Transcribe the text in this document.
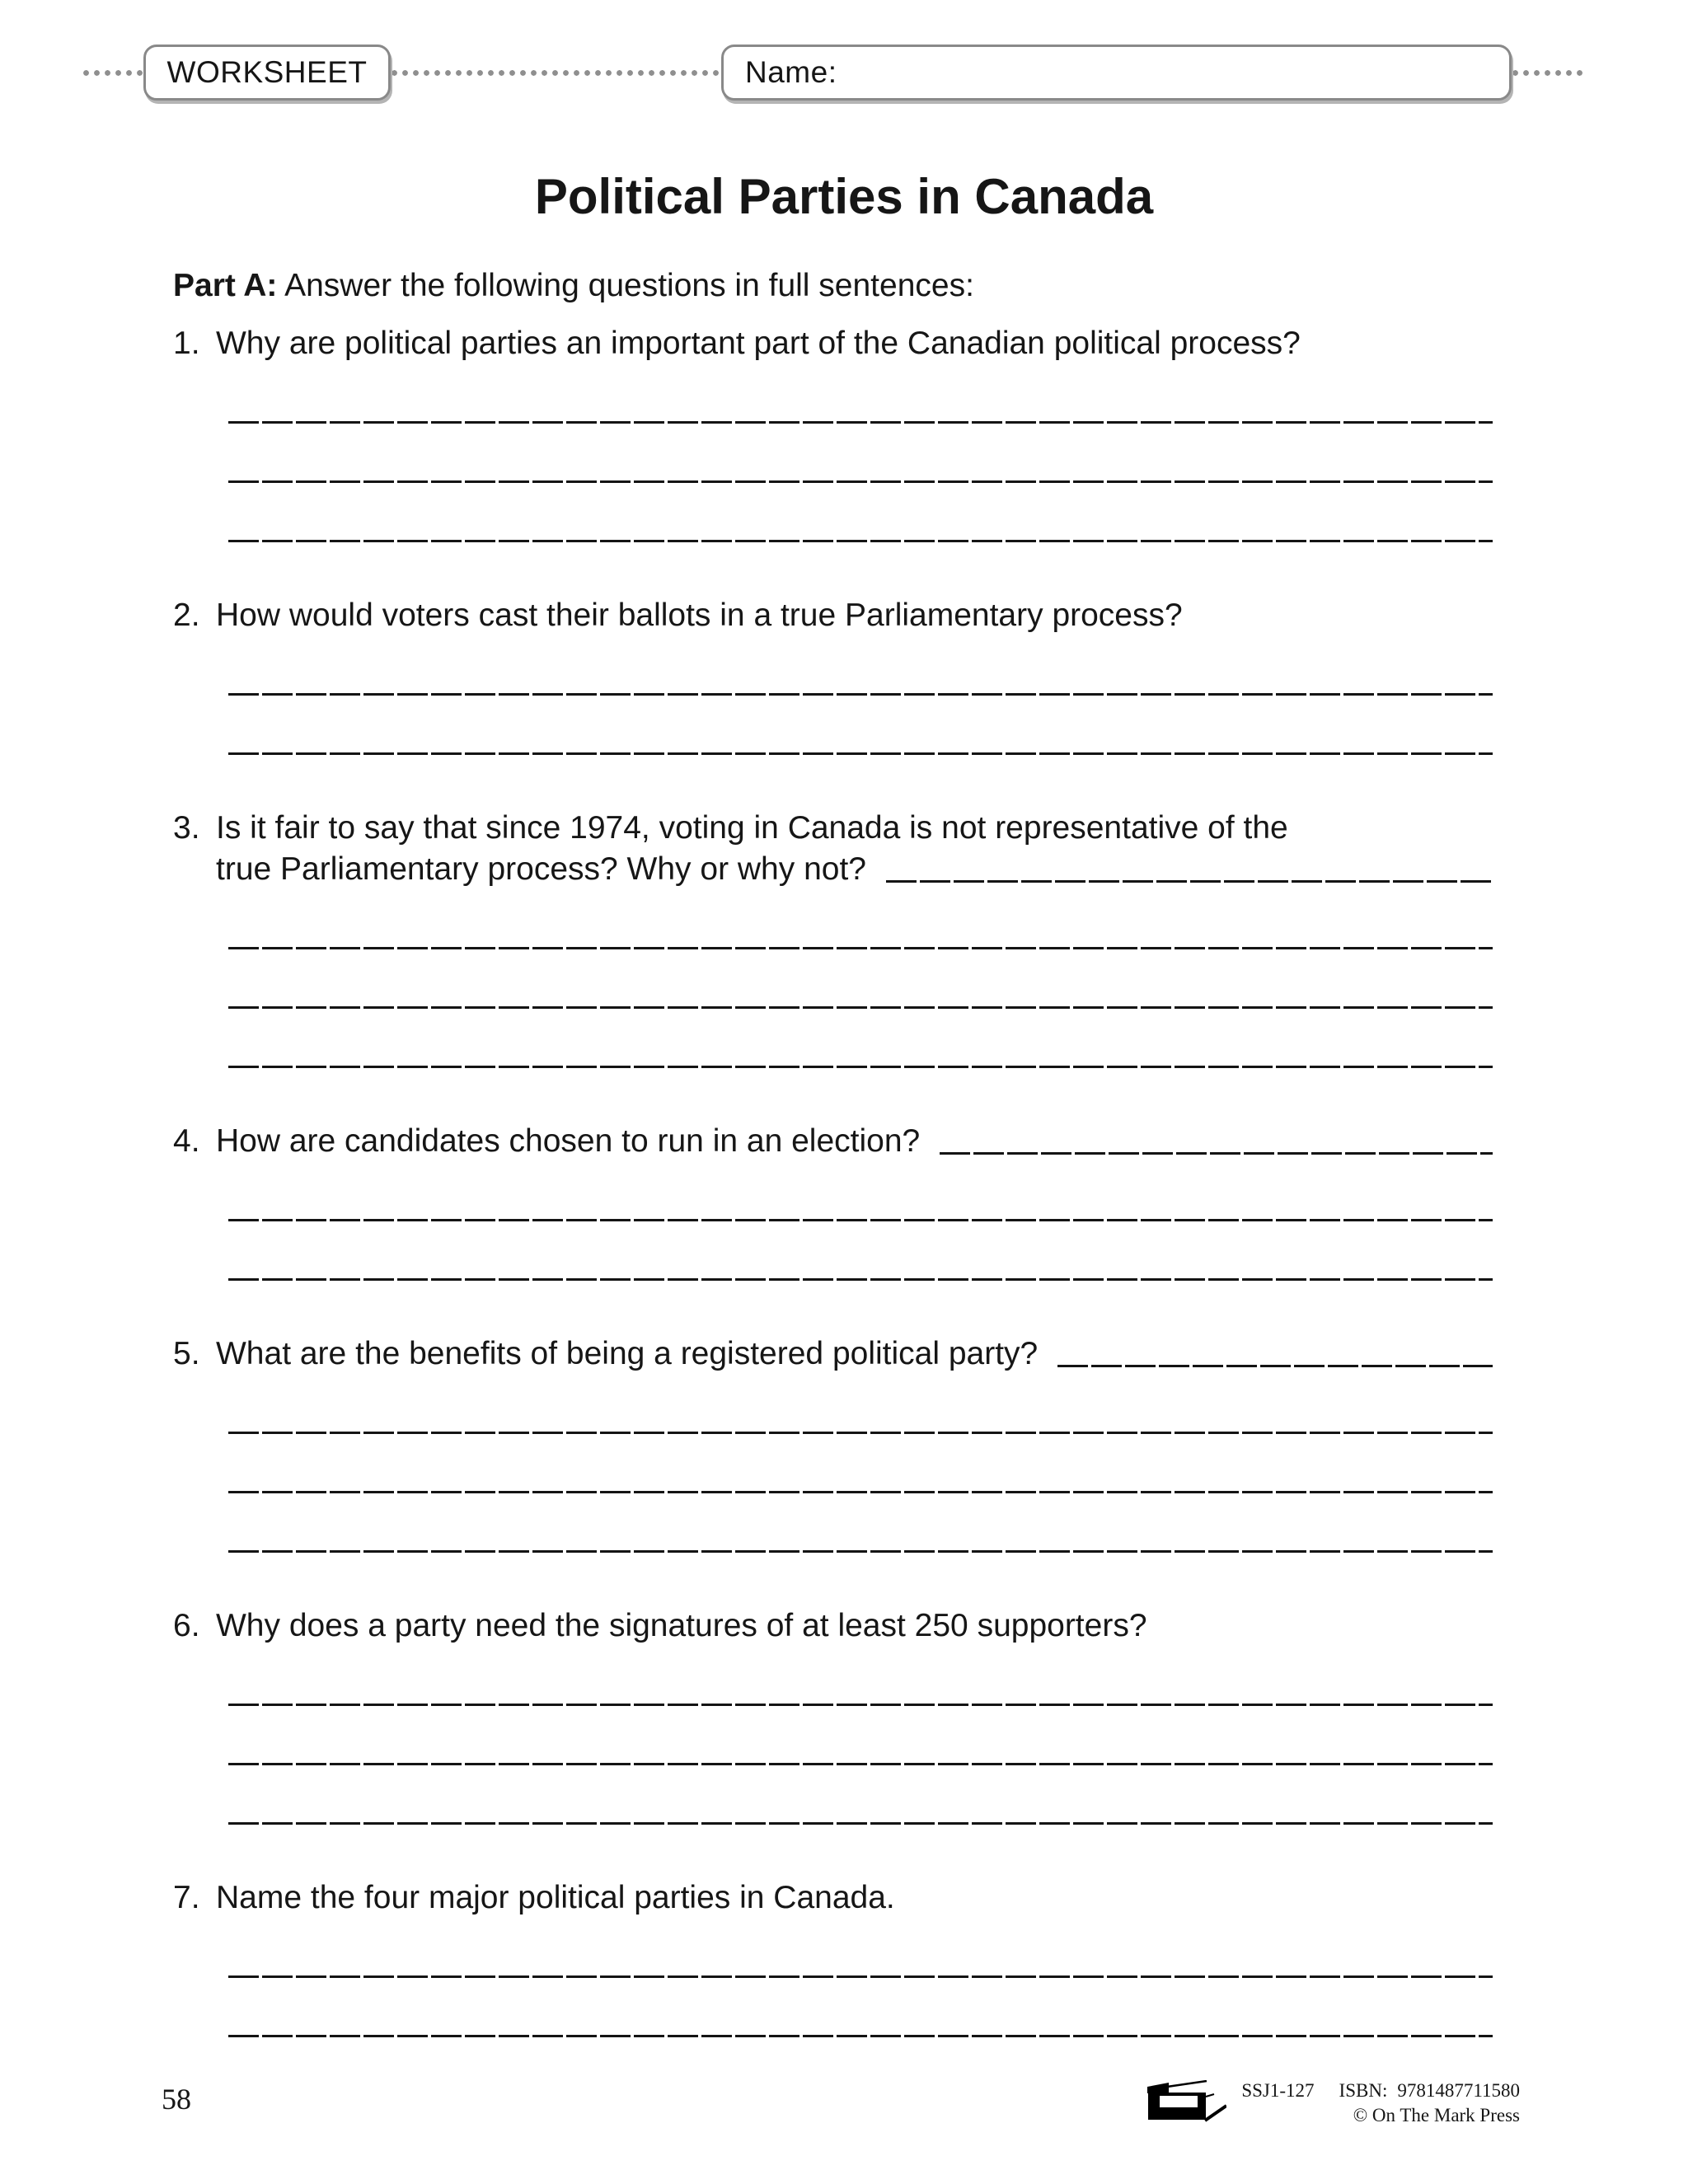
WORKSHEET	Name:
Political Parties in Canada
Part A: Answer the following questions in full sentences:
1. Why are political parties an important part of the Canadian political process?
2. How would voters cast their ballots in a true Parliamentary process?
3. Is it fair to say that since 1974, voting in Canada is not representative of the
true Parliamentary process? Why or why not?
4. How are candidates chosen to run in an election?
5. What are the benefits of being a registered political party?
6. Why does a party need the signatures of at least 250 supporters?
7. Name the four major political parties in Canada.
58	SSJ1-127 ISBN: 9781487711580
© On The Mark Press
